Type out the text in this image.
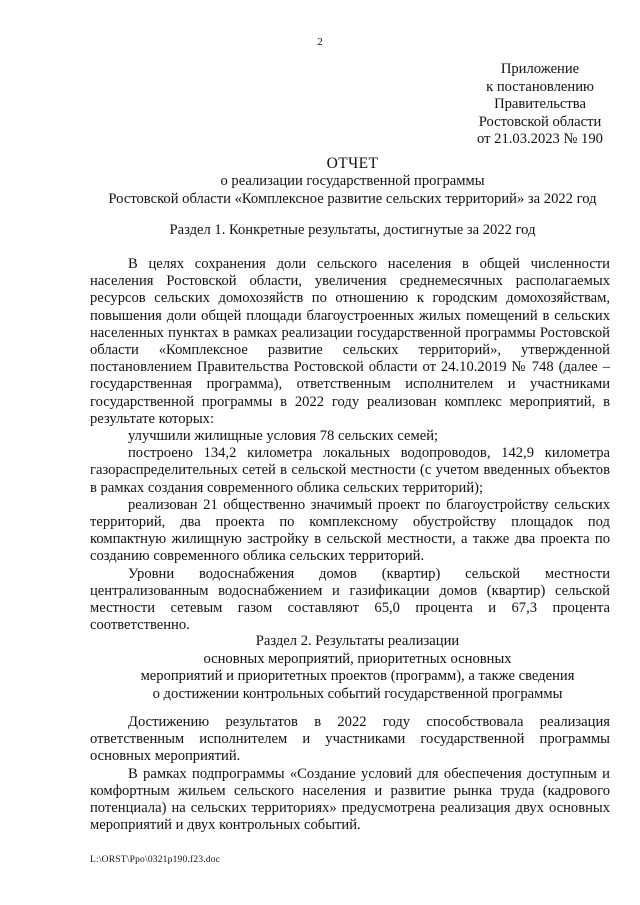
2
Приложение
к постановлению
Правительства
Ростовской области
от 21.03.2023 № 190
ОТЧЕТ
о реализации государственной программы
Ростовской области «Комплексное развитие сельских территорий» за 2022 год
Раздел 1. Конкретные результаты, достигнутые за 2022 год

В целях сохранения доли сельского населения в общей численности населения Ростовской области, увеличения среднемесячных располагаемых ресурсов сельских домохозяйств по отношению к городским домохозяйствам, повышения доли общей площади благоустроенных жилых помещений в сельских населенных пунктах в рамках реализации государственной программы Ростовской области «Комплексное развитие сельских территорий», утвержденной постановлением Правительства Ростовской области от 24.10.2019 № 748 (далее – государственная программа), ответственным исполнителем и участниками государственной программы в 2022 году реализован комплекс мероприятий, в результате которых:

улучшили жилищные условия 78 сельских семей;

построено 134,2 километра локальных водопроводов, 142,9 километра газораспределительных сетей в сельской местности (с учетом введенных объектов в рамках создания современного облика сельских территорий);

реализован 21 общественно значимый проект по благоустройству сельских территорий, два проекта по комплексному обустройству площадок под компактную жилищную застройку в сельской местности, а также два проекта по созданию современного облика сельских территорий.

Уровни водоснабжения домов (квартир) сельской местности централизованным водоснабжением и газификации домов (квартир) сельской местности сетевым газом составляют 65,0 процента и 67,3 процента соответственно.

Раздел 2. Результаты реализации
основных мероприятий, приоритетных основных
мероприятий и приоритетных проектов (программ), а также сведения
о достижении контрольных событий государственной программы

Достижению результатов в 2022 году способствовала реализация ответственным исполнителем и участниками государственной программы основных мероприятий.

В рамках подпрограммы «Создание условий для обеспечения доступным и комфортным жильем сельского населения и развитие рынка труда (кадрового потенциала) на сельских территориях» предусмотрена реализация двух основных мероприятий и двух контрольных событий.

L:\ORST\Ppo\0321p190.f23.doc
